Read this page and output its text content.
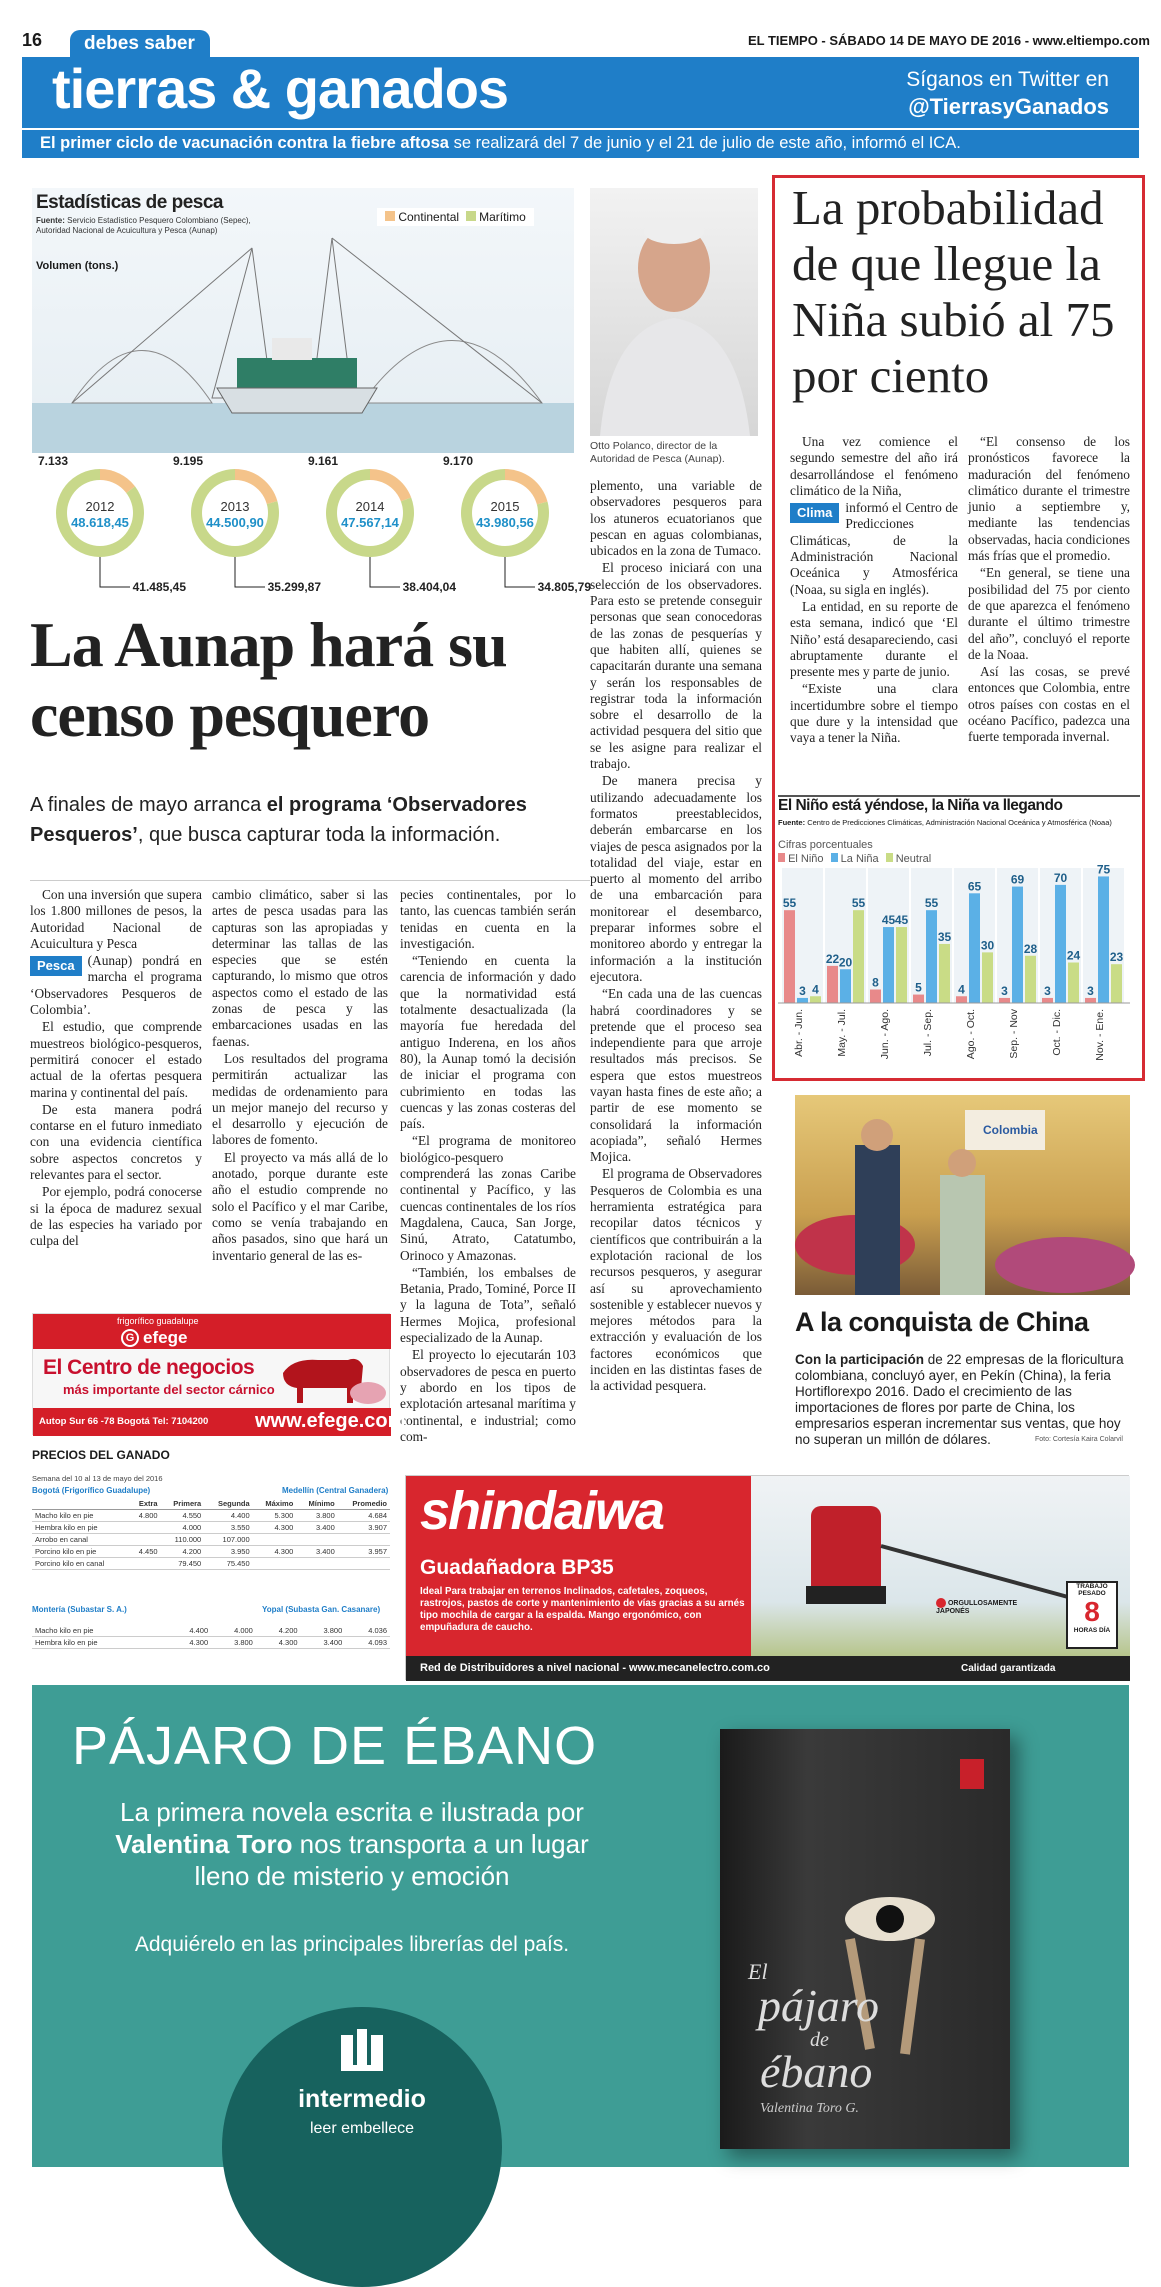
16	debes saber	EL TIEMPO - SÁBADO 14 DE MAYO DE 2016 - www.eltiempo.com
tierras & ganados	Síganos en Twitter en
@TierrasyGanados
El primer ciclo de vacunación contra la fiebre aftosa se realizará del 7 de junio y el 21 de julio de este año, informó el ICA.
Estadísticas de pesca
Fuente: Servicio Estadístico Pesquero Colombiano (Sepec), Autoridad Nacional de Acuicultura y Pesca (Aunap)
Continental Marítimo
Volumen (tons.)
2012
48.618,45
7.133
41.485,45
2013
44.500,90
9.195
35.299,87
2014
47.567,14
9.161
38.404,04
2015
43.980,56
9.170
34.805,79
Otto Polanco, director de la Autoridad de Pesca (Aunap).
La Aunap hará su censo pesquero
A finales de mayo arranca el programa ‘Observadores Pesqueros’, que busca capturar toda la información.

Con una inversión que supera los 1.800 millones de pesos, la Autoridad Nacional de Acuicultura y Pesca

Pesca (Aunap) pondrá en marcha el programa ‘Observadores Pesqueros de Colombia’.

El estudio, que comprende muestreos biológico-pesqueros, permitirá conocer el estado actual de la ofertas pesquera marina y continental del país.

De esta manera podrá contarse en el futuro inmediato con una evidencia científica sobre aspectos concretos y relevantes para el sector.

Por ejemplo, podrá conocerse si la época de madurez sexual de las especies ha variado por culpa del

cambio climático, saber si las artes de pesca usadas para las capturas son las apropiadas y determinar las tallas de las especies que se estén capturando, lo mismo que otros aspectos como el estado de las zonas de pesca y las embarcaciones usadas en las faenas.

Los resultados del programa permitirán actualizar las medidas de ordenamiento para un mejor manejo del recurso y el desarrollo y ejecución de labores de fomento.

El proyecto va más allá de lo anotado, porque durante este año el estudio comprende no solo el Pacífico y el mar Caribe, como se venía trabajando en años pasados, sino que hará un inventario general de las es-

pecies continentales, por lo tanto, las cuencas también serán tenidas en cuenta en la investigación.

“Teniendo en cuenta la carencia de información y dado que la normatividad está totalmente desactualizada (la mayoría fue heredada del antiguo Inderena, en los años 80), la Aunap tomó la decisión de iniciar el programa con cubrimiento en todas las cuencas y las zonas costeras del país.

“El programa de monitoreo biológico-pesquero comprenderá las zonas Caribe continental y Pacífico, y las cuencas continentales de los ríos Magdalena, Cauca, San Jorge, Sinú, Atrato, Catatumbo, Orinoco y Amazonas.

“También, los embalses de Betania, Prado, Tominé, Porce II y la laguna de Tota”, señaló Hermes Mojica, profesional especializado de la Aunap.

El proyecto lo ejecutarán 103 observadores de pesca en puerto y abordo en los tipos de explotación artesanal marítima y continental, e industrial; como com-

plemento, una variable de observadores pesqueros para los atuneros ecuatorianos que pescan en aguas colombianas, ubicados en la zona de Tumaco.

El proceso iniciará con una selección de los observadores. Para esto se pretende conseguir personas que sean conocedoras de las zonas de pesquerías y que habiten allí, quienes se capacitarán durante una semana y serán los responsables de registrar toda la información sobre el desarrollo de la actividad pesquera del sitio que se les asigne para realizar el trabajo.

De manera precisa y utilizando adecuadamente los formatos preestablecidos, deberán embarcarse en los viajes de pesca asignados por la totalidad del viaje, estar en puerto al momento del arribo de una embarcación para monitorear el desembarco, preparar informes sobre el monitoreo abordo y entregar la información a la institución ejecutora.

“En cada una de las cuencas habrá coordinadores y se pretende que el proceso sea independiente para que arroje resultados más precisos. Se espera que estos muestreos vayan hasta fines de este año; a partir de ese momento se consolidará la información acopiada”, señaló Hermes Mojica.

El programa de Observadores Pesqueros de Colombia es una herramienta estratégica para recopilar datos técnicos y científicos que contribuirán a la explotación racional de los recursos pesqueros, y asegurar así su aprovechamiento sostenible y establecer nuevos y mejores métodos para la extracción y evaluación de los factores económicos que inciden en las distintas fases de la actividad pesquera.

La probabilidad de que llegue la Niña subió al 75 por ciento

Una vez comience el segundo semestre del año irá desarrollándose el fenómeno climático de la Niña,

Clima informó el Centro de Predicciones Climáticas, de la Administración Nacional Oceánica y Atmosférica (Noaa, su sigla en inglés).

La entidad, en su reporte de esta semana, indicó que ‘El Niño’ está desapareciendo, casi abruptamente durante el presente mes y parte de junio.

“Existe una clara incertidumbre sobre el tiempo que dure y la intensidad que vaya a tener la Niña.

“El consenso de los pronósticos favorece la maduración del fenómeno climático durante el trimestre junio a septiembre y, mediante las tendencias observadas, hacia condiciones más frías que el promedio.

“En general, se tiene una posibilidad del 75 por ciento de que aparezca el fenómeno durante el último trimestre del año”, concluyó el reporte de la Noaa.

Así las cosas, se prevé entonces que Colombia, entre otros países con costas en el océano Pacífico, padezca una fuerte temporada invernal.

El Niño está yéndose, la Niña va llegando
Fuente: Centro de Predicciones Climáticas, Administración Nacional Oceánica y Atmosférica (Noaa)
Cifras porcentuales
El Niño La Niña Neutral
55
3 4
Abr. - Jun.
22 20
55
May. - Jul.
8
45 45
Jun. - Ago.
5
55
35
Jul. - Sep.
4
65
30
Ago. - Oct.
3
69
28
Sep. - Nov
3
70
24
Oct. - Dic.
3
75
23
Nov. - Ene.
Colombia
A la conquista de China
Con la participación de 22 empresas de la floricultura colombiana, concluyó ayer, en Pekín (China), la feria Hortiflorexpo 2016. Dado el crecimiento de las importaciones de flores por parte de China, los empresarios esperan incrementar sus ventas, que hoy no superan un millón de dólares.	Foto: Cortesía Kaira Colarvil
frigorífico guadalupe
G efege
El Centro de negocios
más importante del sector cárnico
Autop Sur 66 -78 Bogotá Tel: 7104200 www.efege.com
PRECIOS DEL GANADO
Semana del 10 al 13 de mayo del 2016
Bogotá (Frigorífico Guadalupe)	Medellín (Central Ganadera)
	Extra	Primera	Segunda	Máximo	Mínimo	Promedio
Macho kilo en pie	4.800	4.550	4.400	5.300	3.800	4.684
Hembra kilo en pie		4.000	3.550	4.300	3.400	3.907
Arrobo en canal		110.000	107.000			
Porcino kilo en pie	4.450	4.200	3.950	4.300	3.400	3.957
Porcino kilo en canal		79.450	75.450			
Montería (Subastar S. A.)	Yopal (Subasta Gan. Casanare)
Macho kilo en pie		4.400	4.000	4.200	3.800	4.036
Hembra kilo en pie		4.300	3.800	4.300	3.400	4.093
shindaiwa
Guadañadora BP35
Ideal Para trabajar en terrenos Inclinados, cafetales, zoqueos, rastrojos, pastos de corte y mantenimiento de vías gracias a su arnés tipo mochila de cargar a la espalda. Mango ergonómico, con empuñadura de caucho.
ORGULLOSAMENTE JAPONÉS
TRABAJO PESADO
8
HORAS DÍA
Calidad garantizada
Red de Distribuidores a nivel nacional - www.mecanelectro.com.co
PÁJARO DE ÉBANO
La primera novela escrita e ilustrada por
Valentina Toro nos transporta a un lugar
lleno de misterio y emoción
Adquiérelo en las principales librerías del país.
intermedio
leer embellece
El
pájaro
de
ébano
Valentina Toro G.
